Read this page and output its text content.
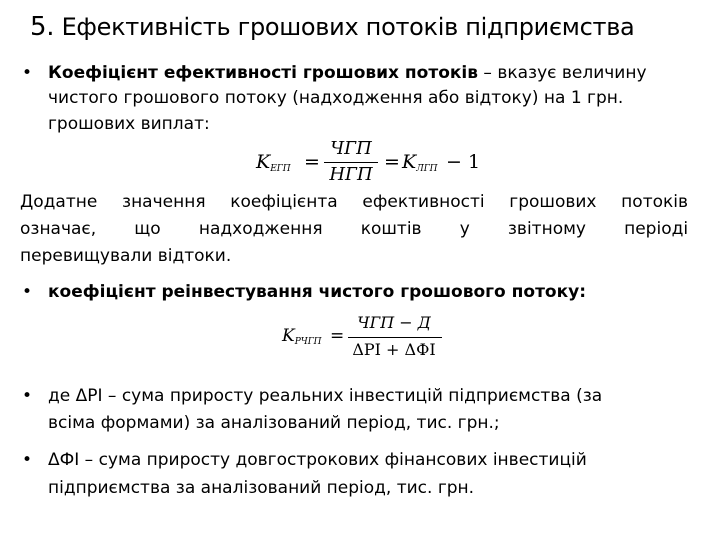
5. Ефективність грошових потоків підприємства
• Коефіцієнт ефективності грошових потоків – вказує величину
чистого грошового потоку (надходження або відтоку) на 1 грн.
грошових виплат:
$K_{ЕГП}$ =
ЧГП
НГП
= $K_{ЛГП} - 1$
Додатне значення коефіцієнта ефективності грошових потоків
означає, що надходження коштів у звітному періоді
перевищували відтоки.
• коефіцієнт реінвестування чистого грошового потоку:
$K_{РЧГП}$ =
ЧГП − Д
ΔPI + ΔФІ
• де ΔPI – сума приросту реальних інвестицій підприємства (за
всіма формами) за аналізований період, тис. грн.;
• ΔФІ – сума приросту довгострокових фінансових інвестицій
підприємства за аналізований період, тис. грн.
